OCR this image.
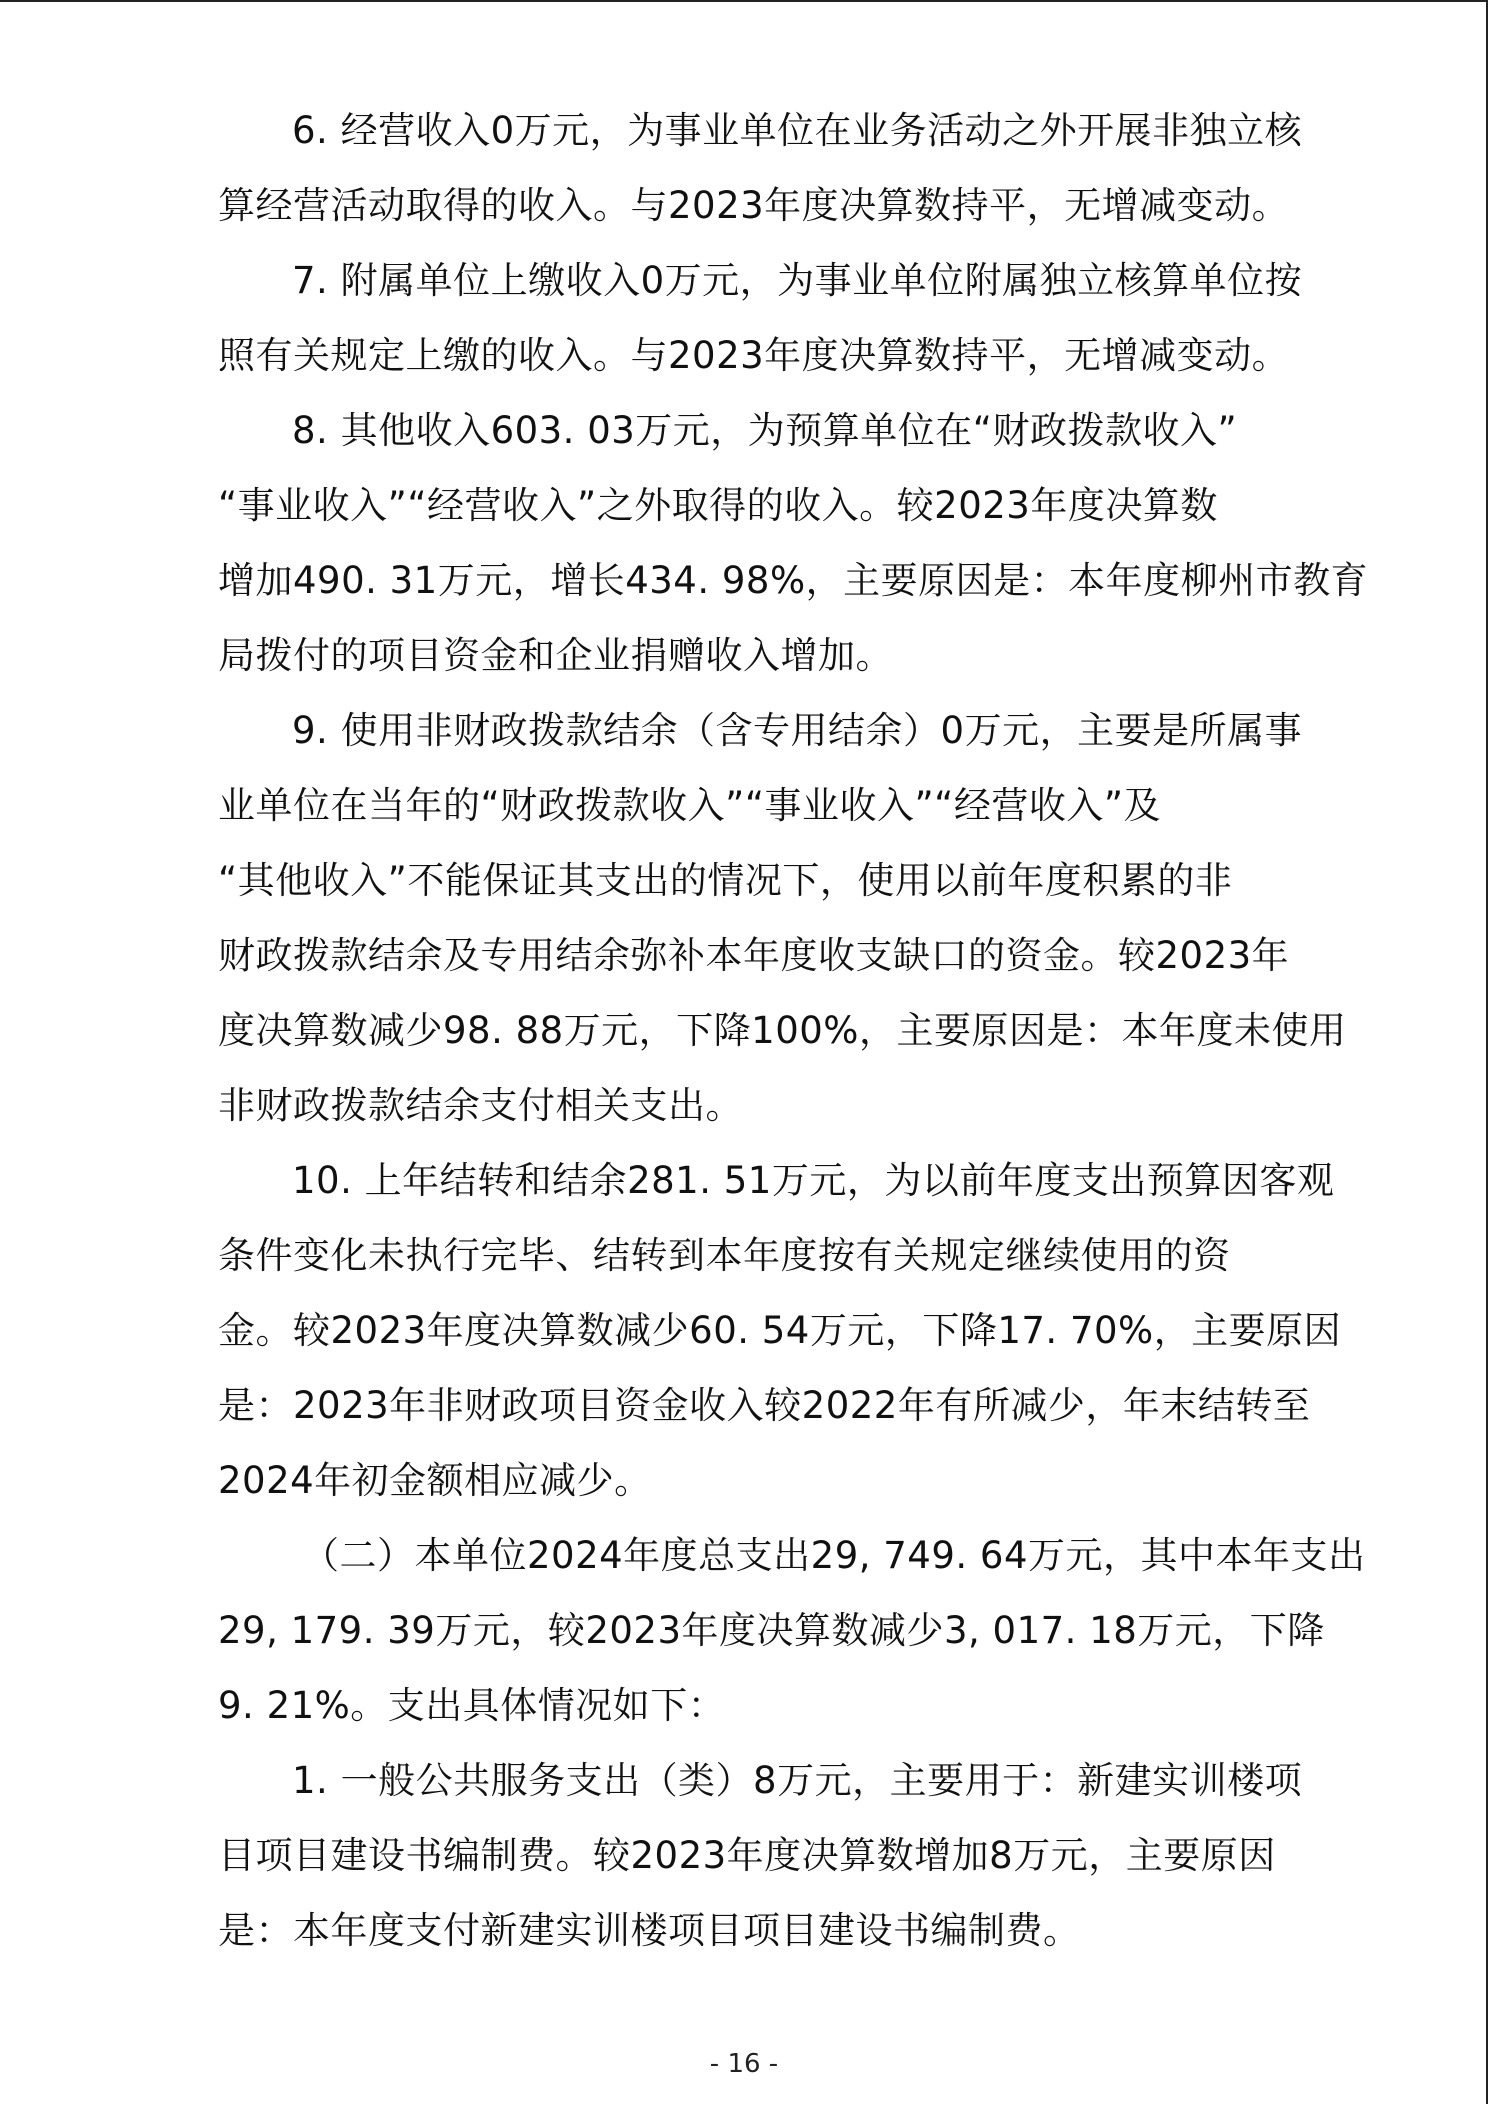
6. 经营收入0万元，为事业单位在业务活动之外开展非独立核
算经营活动取得的收入。与2023年度决算数持平，无增减变动。
7. 附属单位上缴收入0万元，为事业单位附属独立核算单位按
照有关规定上缴的收入。与2023年度决算数持平，无增减变动。
8. 其他收入603. 03万元，为预算单位在“财政拨款收入”
“事业收入”“经营收入”之外取得的收入。较2023年度决算数
增加490. 31万元，增长434. 98%，主要原因是：本年度柳州市教育
局拨付的项目资金和企业捐赠收入增加。
9. 使用非财政拨款结余（含专用结余）0万元，主要是所属事
业单位在当年的“财政拨款收入”“事业收入”“经营收入”及
“其他收入”不能保证其支出的情况下，使用以前年度积累的非
财政拨款结余及专用结余弥补本年度收支缺口的资金。较2023年
度决算数减少98. 88万元，下降100%，主要原因是：本年度未使用
非财政拨款结余支付相关支出。
10. 上年结转和结余281. 51万元，为以前年度支出预算因客观
条件变化未执行完毕、结转到本年度按有关规定继续使用的资
金。较2023年度决算数减少60. 54万元，下降17. 70%，主要原因
是：2023年非财政项目资金收入较2022年有所减少，年末结转至
2024年初金额相应减少。
（二）本单位2024年度总支出29, 749. 64万元，其中本年支出
29, 179. 39万元，较2023年度决算数减少3, 017. 18万元，下降
9. 21%。支出具体情况如下：
1. 一般公共服务支出（类）8万元，主要用于：新建实训楼项
目项目建设书编制费。较2023年度决算数增加8万元，主要原因
是：本年度支付新建实训楼项目项目建设书编制费。
- 16 -
